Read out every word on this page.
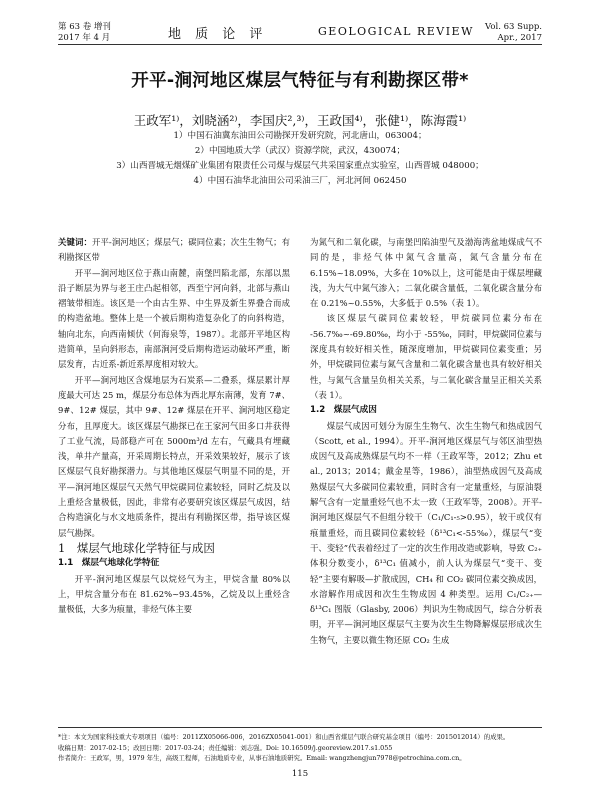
第 63 卷 增刊
2017 年 4 月	地 质 论 评	GEOLOGICAL REVIEW Vol. 63 Supp.
Apr., 2017
开平-涧河地区煤层气特征与有利勘探区带*
王政军¹⁾，刘晓涵²⁾，李国庆²,³⁾，王政国⁴⁾，张健¹⁾，陈海霞¹⁾
1）中国石油冀东油田公司勘探开发研究院，河北唐山，063004；
2）中国地质大学（武汉）资源学院，武汉，430074；
3）山西晋城无烟煤矿业集团有限责任公司煤与煤层气共采国家重点实验室，山西晋城 048000；
4）中国石油华北油田公司采油三厂，河北河间 062450

关键词：开平-涧河地区；煤层气；碳同位素；次生生物气；有利勘探区带

开平—涧河地区位于燕山南麓，南堡凹陷北部，东部以黑沿子断层为界与老王庄凸起相邻，西至宁河向斜，北部与燕山褶皱带相连。该区是一个由古生界、中生界及新生界叠合而成的构造盆地。整体上是一个被后期构造复杂化了的向斜构造，轴向北东，向西南倾伏（何海泉等，1987）。北部开平地区构造简单，呈向斜形态，南部涧河受后期构造运动破坏严重，断层发育，古近系-新近系厚度相对较大。

开平—涧河地区含煤地层为石炭系—二叠系，煤层累计厚度最大可达 25 m，煤层分布总体为西北厚东南薄，发育 7#、9#、12# 煤层，其中 9#、12# 煤层在开平、涧河地区稳定分布，且厚度大。该区煤层气勘探已在王家河气田多口井获得了工业气流，局部稳产可在 5000m³/d 左右，气藏具有埋藏浅，单井产量高，开采周期长特点，开采效果较好，展示了该区煤层气良好勘探潜力。与其他地区煤层气明显不同的是，开平—涧河地区煤层气天然气甲烷碳同位素较轻，同时乙烷及以上重烃含量极低，因此，非常有必要研究该区煤层气成因，结合构造演化与水文地质条件，提出有利勘探区带，指导该区煤层气勘探。

1　煤层气地球化学特征与成因

1.1　煤层气地球化学特征

开平-涧河地区煤层气以烷烃气为主，甲烷含量 80%以上，甲烷含量分布在 81.62%~93.45%，乙烷及以上重烃含量极低，大多为痕量，非烃气体主要

为氮气和二氧化碳，与南堡凹陷油型气及渤海湾盆地煤成气不同的是，非烃气体中氮气含量高，氮气含量分布在 6.15%~18.09%，大多在 10%以上，这可能是由于煤层埋藏浅，为大气中氮气渗入；二氧化碳含量低，二氧化碳含量分布在 0.21%~0.55%，大多低于 0.5%（表 1）。

该区煤层气碳同位素较轻，甲烷碳同位素分布在 -56.7‰~-69.80‰，均小于 -55‰，同时，甲烷碳同位素与深度具有较好相关性，随深度增加，甲烷碳同位素变重；另外，甲烷碳同位素与氮气含量和二氧化碳含量也具有较好相关性，与氮气含量呈负相关关系，与二氧化碳含量呈正相关关系（表 1）。

1.2　煤层气成因

煤层气成因可划分为原生生物气、次生生物气和热成因气（Scott, et al., 1994）。开平-涧河地区煤层气与邻区油型热成因气及高成熟煤层气均不一样（王政军等，2012；Zhu et al., 2013；2014；戴金星等，1986），油型热成因气及高成熟煤层气大多碳同位素较重，同时含有一定量重烃，与原油裂解气含有一定量重烃气也不太一致（王政军等，2008）。开平-涧河地区煤层气不但组分较干（C₁/C₁-₅>0.95），较干或仅有痕量重烃，而且碳同位素较轻（δ¹³C₁<-55‰），煤层气“变干、变轻”代表着经过了一定的次生作用改造或影响，导致 C₂₊ 体积分数变小，δ¹³C₁ 值减小，前人认为煤层气“变干、变轻”主要有解吸—扩散成因，CH₄ 和 CO₂ 碳同位素交换成因，水溶解作用成因和次生生物成因 4 种类型。运用 C₁/C₂₊—δ¹³C₁ 图版（Glasby, 2006）判识为生物成因气，综合分析表明，开平—涧河地区煤层气主要为次生生物降解煤层形成次生生物气，主要以微生物还原 CO₂ 生成

*注：本文为国家科技重大专项项目（编号：2011ZX05066-006，2016ZX05041-001）和山西省煤层气联合研究基金项目（编号：2015012014）的成果。
收稿日期：2017-02-15；改回日期：2017-03-24；责任编辑：刘志强。Doi: 10.16509/j.georeview.2017.s1.055
作者简介：王政军，男，1979 年生，高级工程师，石油地质专业，从事石油地质研究。Email: wangzhengjun7978@petrochina.com.cn。
115
